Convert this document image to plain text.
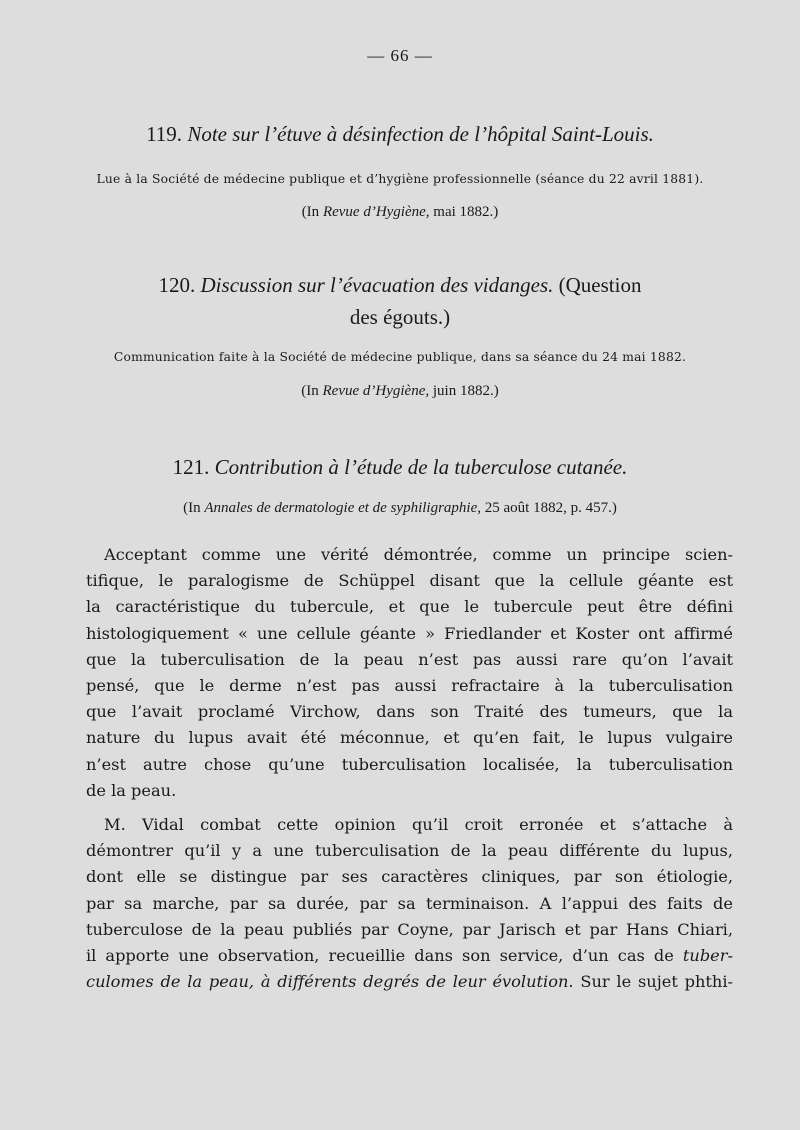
— 66 —
119. Note sur l’étuve à désinfection de l’hôpital Saint-Louis.
Lue à la Société de médecine publique et d’hygiène professionnelle (séance du 22 avril 1881).
(In Revue d’Hygiène, mai 1882.)
120. Discussion sur l’évacuation des vidanges. (Question
des égouts.)
Communication faite à la Société de médecine publique, dans sa séance du 24 mai 1882.
(In Revue d’Hygiène, juin 1882.)
121. Contribution à l’étude de la tuberculose cutanée.
(In Annales de dermatologie et de syphiligraphie, 25 août 1882, p. 457.)
Acceptant comme une vérité démontrée, comme un principe scien-
tifique, le paralogisme de Schüppel disant que la cellule géante est
la caractéristique du tubercule, et que le tubercule peut être défini
histologiquement « une cellule géante » Friedlander et Koster ont affirmé
que la tuberculisation de la peau n’est pas aussi rare qu’on l’avait
pensé, que le derme n’est pas aussi refractaire à la tuberculisation
que l’avait proclamé Virchow, dans son Traité des tumeurs, que la
nature du lupus avait été méconnue, et qu’en fait, le lupus vulgaire
n’est autre chose qu’une tuberculisation localisée, la tuberculisation
de la peau.
M. Vidal combat cette opinion qu’il croit erronée et s’attache à
démontrer qu’il y a une tuberculisation de la peau différente du lupus,
dont elle se distingue par ses caractères cliniques, par son étiologie,
par sa marche, par sa durée, par sa terminaison. A l’appui des faits de
tuberculose de la peau publiés par Coyne, par Jarisch et par Hans Chiari,
il apporte une observation, recueillie dans son service, d’un cas de tuber-
culomes de la peau, à différents degrés de leur évolution. Sur le sujet phthi-
